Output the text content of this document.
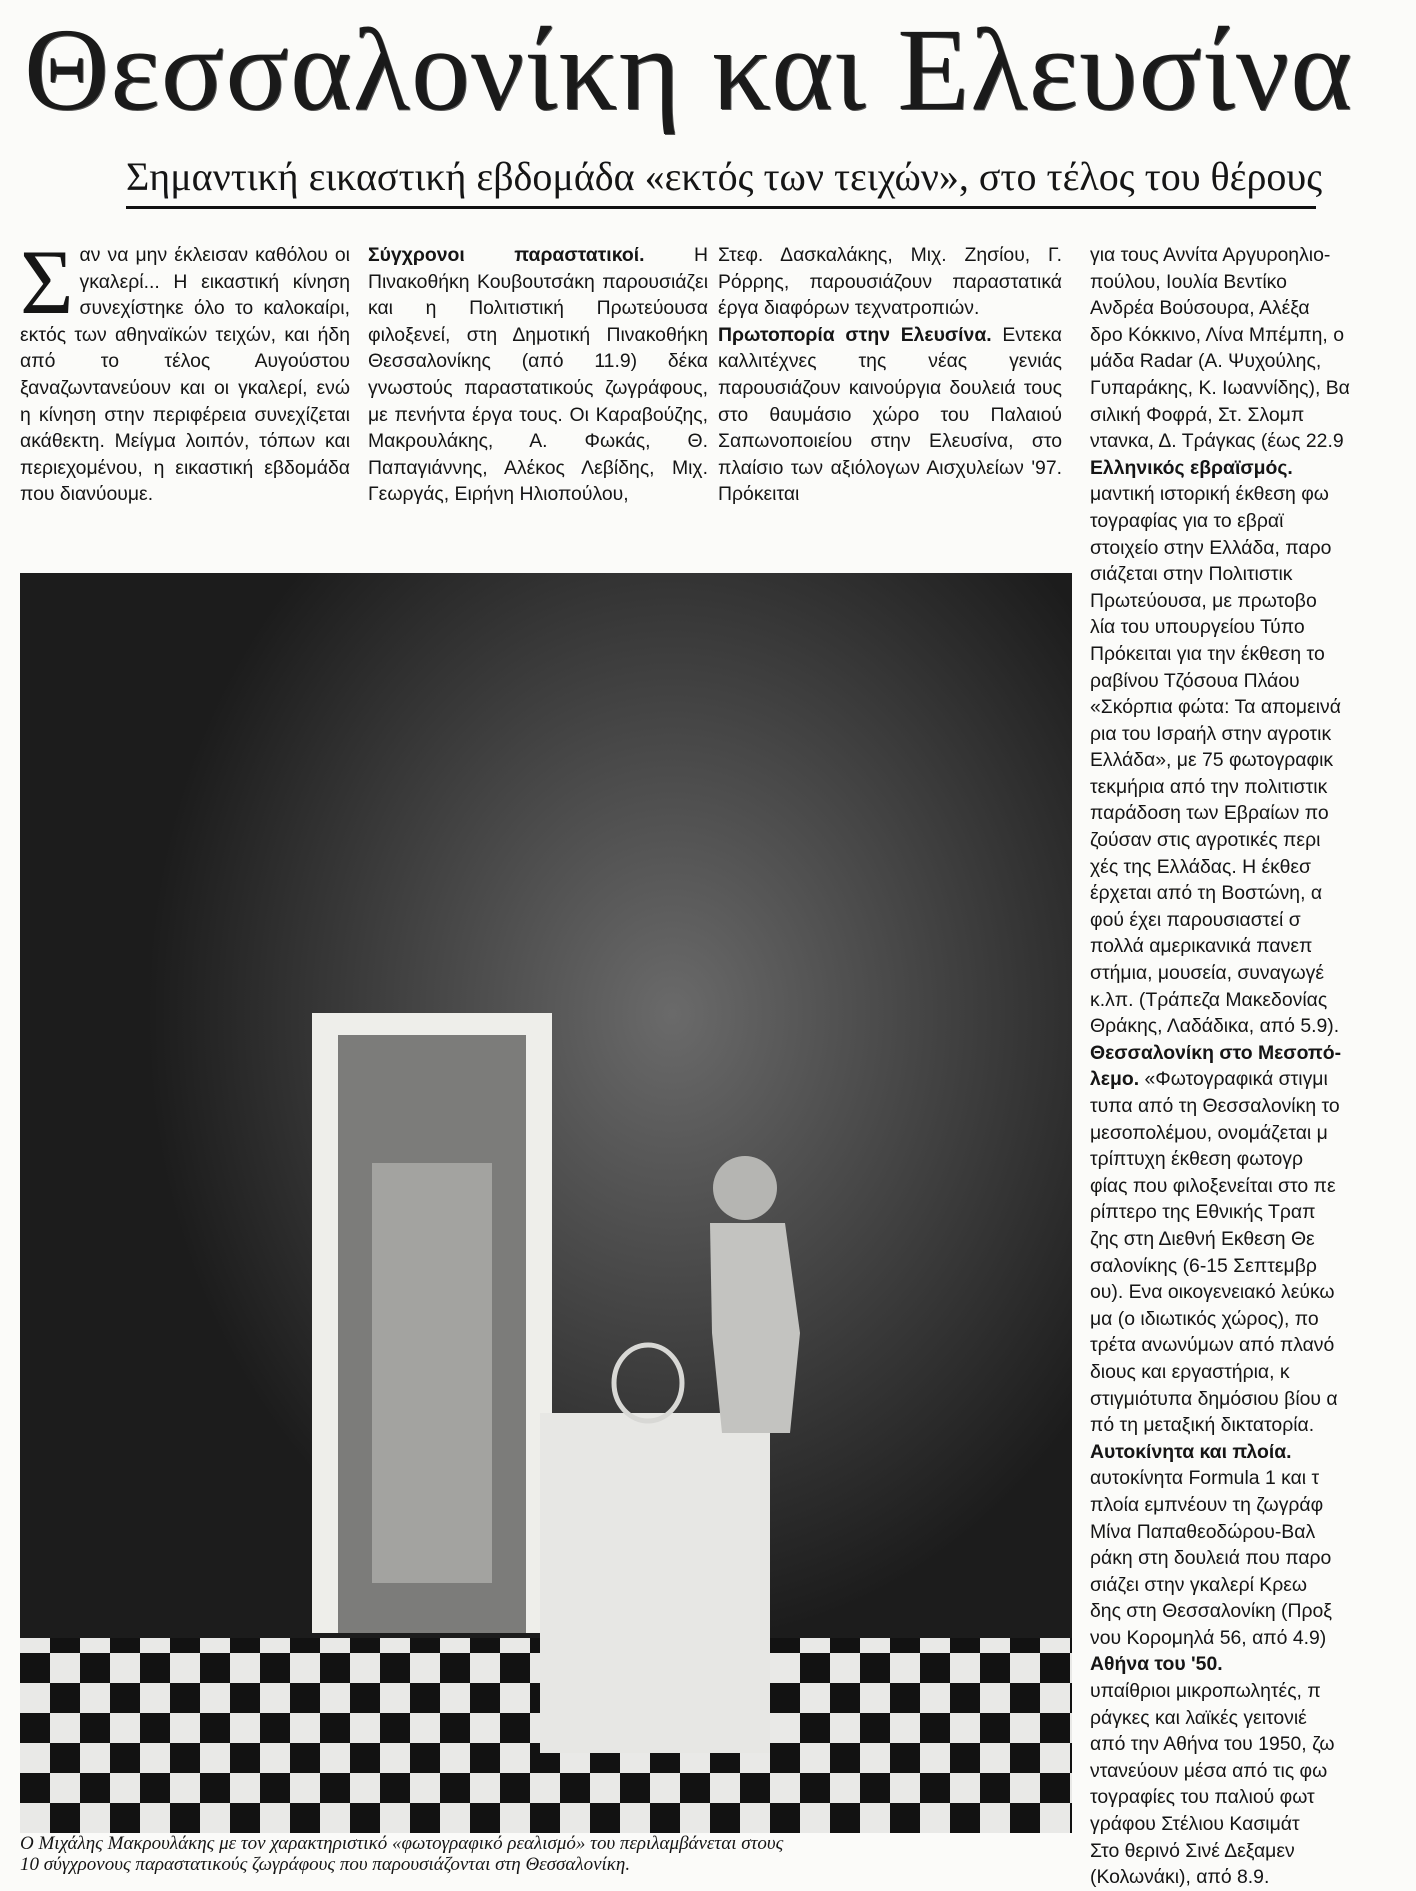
Θεσσαλονίκη και Ελευσίνα
Σημαντική εικαστική εβδομάδα «εκτός των τειχών», στο τέλος του θέρους
Σ αν να μην έκλεισαν καθόλου οι γκαλερί... Η εικαστική κίνηση συνεχίστηκε όλο το καλοκαίρι, εκτός των αθηναϊκών τειχών, και ήδη από το τέλος Αυγούστου ξαναζωντανεύουν και οι γκαλερί, ενώ η κίνηση στην περιφέρεια συνεχίζεται ακάθεκτη. Μείγμα λοιπόν, τόπων και περιεχομένου, η εικαστική εβδομάδα που διανύουμε.

Σύγχρονοι παραστατικοί.	Η Πινακοθήκη Κουβουτσάκη παρουσιάζει και η Πολιτιστική Πρωτεύουσα φιλοξενεί, στη Δημοτική Πινακοθήκη Θεσσαλονίκης (από 11.9) δέκα γνωστούς παραστατικούς ζωγράφους, με πενήντα έργα τους. Οι Καραβούζης, Μακρουλάκης, Α. Φωκάς, Θ. Παπαγιάννης, Αλέκος Λεβίδης, Μιχ. Γεωργάς, Ειρήνη Ηλιοπούλου,

Στεφ. Δασκαλάκης, Μιχ. Ζησίου, Γ. Ρόρρης, παρουσιάζουν παραστατικά έργα διαφόρων τεχνατροπιών.

Πρωτοπορία στην Ελευσίνα. Εντεκα καλλιτέχνες της νέας γενιάς παρουσιάζουν καινούργια δουλειά τους στο θαυμάσιο χώρο του Παλαιού Σαπωνοποιείου στην Ελευσίνα, στο πλαίσιο των αξιόλογων Αισχυλείων '97. Πρόκειται

για τους Αννίτα Αργυροηλιο-

πούλου, Ιουλία Βεντίκο

Ανδρέα Βούσουρα, Αλέξα

δρο Κόκκινο, Λίνα Μπέμπη, ο

μάδα Radar (Α. Ψυχούλης,

Γυπαράκης, Κ. Ιωαννίδης), Βα

σιλική Φοφρά, Στ. Σλομπ

ντανκα, Δ. Τράγκας (έως 22.9

Ελληνικός εβραϊσμός.

μαντική ιστορική έκθεση φω

τογραφίας για το εβραϊ

στοιχείο στην Ελλάδα, παρο

σιάζεται στην Πολιτιστικ

Πρωτεύουσα, με πρωτοβο

λία του υπουργείου Τύπο

Πρόκειται για την έκθεση το

ραβίνου Τζόσουα Πλάου

«Σκόρπια φώτα: Τα απομεινά

ρια του Ισραήλ στην αγροτικ

Ελλάδα», με 75 φωτογραφικ

τεκμήρια από την πολιτιστικ

παράδοση των Εβραίων πο

ζούσαν στις αγροτικές περι

χές της Ελλάδας. Η έκθεσ

έρχεται από τη Βοστώνη, α

φού έχει παρουσιαστεί σ

πολλά αμερικανικά πανεπ

στήμια, μουσεία, συναγωγέ

κ.λπ. (Τράπεζα Μακεδονίας

Θράκης, Λαδάδικα, από 5.9).

Θεσσαλονίκη στο Μεσοπό-

λεμο. «Φωτογραφικά στιγμι

τυπα από τη Θεσσαλονίκη το

μεσοπολέμου, ονομάζεται μ

τρίπτυχη έκθεση φωτογρ

φίας που φιλοξενείται στο πε

ρίπτερο της Εθνικής Τραπ

ζης στη Διεθνή Εκθεση Θε

σαλονίκης (6-15 Σεπτεμβρ

ου). Ενα οικογενειακό λεύκω

μα (ο ιδιωτικός χώρος), πο

τρέτα ανωνύμων από πλανό

διους και εργαστήρια, κ

στιγμιότυπα δημόσιου βίου α

πό τη μεταξική δικτατορία.

Αυτοκίνητα και πλοία.

αυτοκίνητα Formula 1 και τ

πλοία εμπνέουν τη ζωγράφ

Μίνα Παπαθεοδώρου-Βαλ

ράκη στη δουλειά που παρο

σιάζει στην γκαλερί Κρεω

δης στη Θεσσαλονίκη (Προξ

νου Κορομηλά 56, από 4.9)

Αθήνα του '50.

υπαίθριοι μικροπωλητές, π

ράγκες και λαϊκές γειτονιέ

από την Αθήνα του 1950, ζω

ντανεύουν μέσα από τις φω

τογραφίες του παλιού φωτ

γράφου Στέλιου Κασιμάτ

Στο θερινό Σινέ Δεξαμεν

(Κολωνάκι), από 8.9.

Ο Μιχάλης Μακρουλάκης με τον χαρακτηριστικό «φωτογραφικό ρεαλισμό» του περιλαμβάνεται στους
10 σύγχρονους παραστατικούς ζωγράφους που παρουσιάζονται στη Θεσσαλονίκη.
